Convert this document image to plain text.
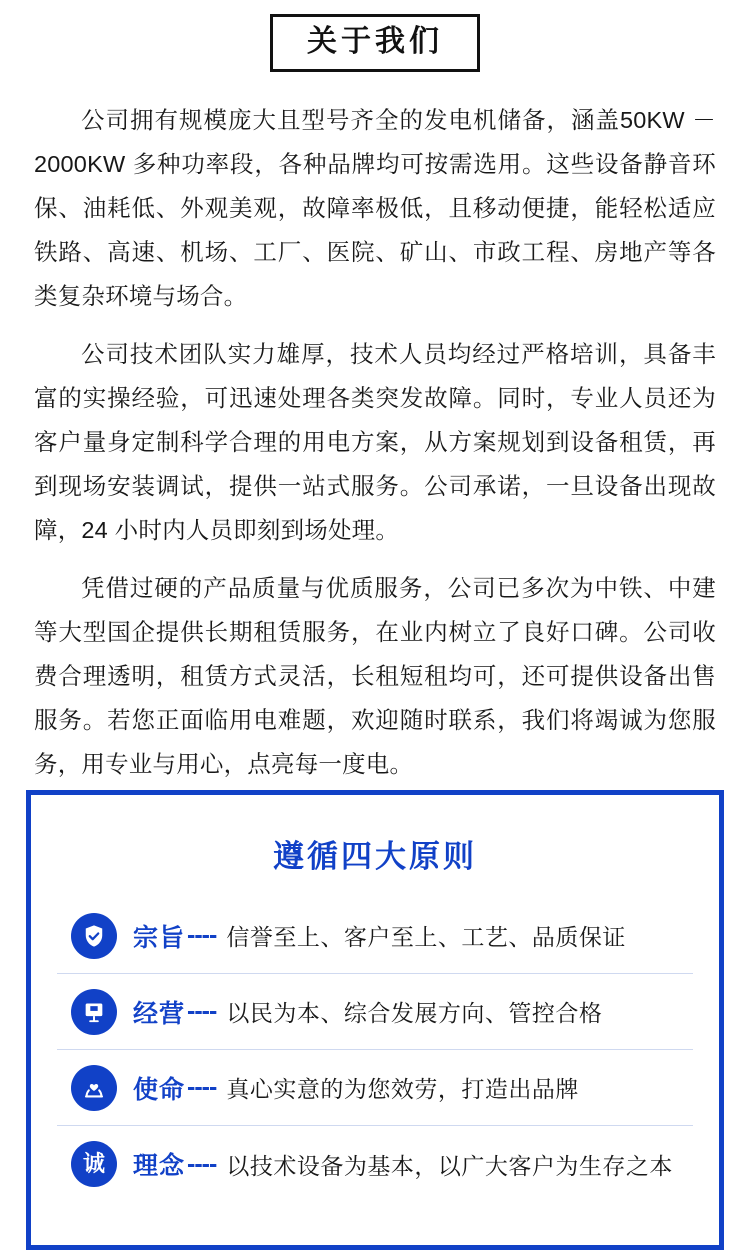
关于我们

公司拥有规模庞大且型号齐全的发电机储备，涵盖50KW －2000KW 多种功率段，各种品牌均可按需选用。这些设备静音环保、油耗低、外观美观，故障率极低，且移动便捷，能轻松适应铁路、高速、机场、工厂、医院、矿山、市政工程、房地产等各类复杂环境与场合。

公司技术团队实力雄厚，技术人员均经过严格培训，具备丰富的实操经验，可迅速处理各类突发故障。同时，专业人员还为客户量身定制科学合理的用电方案，从方案规划到设备租赁，再到现场安装调试，提供一站式服务。公司承诺，一旦设备出现故障，24 小时内人员即刻到场处理。

凭借过硬的产品质量与优质服务，公司已多次为中铁、中建等大型国企提供长期租赁服务，在业内树立了良好口碑。公司收费合理透明，租赁方式灵活，长租短租均可，还可提供设备出售服务。若您正面临用电难题，欢迎随时联系，我们将竭诚为您服务，用专业与用心，点亮每一度电。

遵循四大原则
宗旨 ---- 信誉至上、客户至上、工艺、品质保证
经营 ---- 以民为本、综合发展方向、管控合格
使命 ---- 真心实意的为您效劳，打造出品牌
诚 理念 ---- 以技术设备为基本，以广大客户为生存之本
